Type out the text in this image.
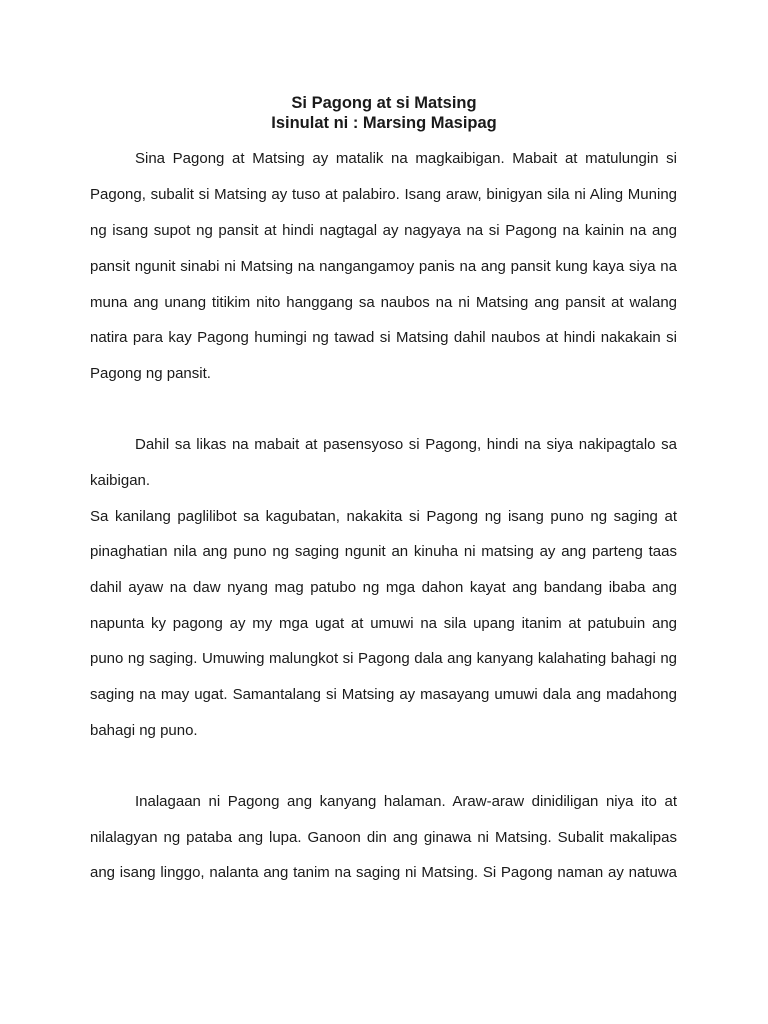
Si Pagong at si Matsing

Isinulat ni : Marsing Masipag

Sina Pagong at Matsing ay matalik na magkaibigan. Mabait at matulungin si
Pagong, subalit si Matsing ay tuso at palabiro. Isang araw, binigyan sila ni Aling Muning
ng isang supot ng pansit at hindi nagtagal ay nagyaya na si Pagong na kainin na ang
pansit ngunit sinabi ni Matsing na nangangamoy panis na ang pansit kung kaya siya na
muna ang unang titikim nito hanggang sa naubos na ni Matsing ang pansit at walang
natira para kay Pagong humingi ng tawad si Matsing dahil naubos at hindi nakakain si
Pagong ng pansit.
Dahil sa likas na mabait at pasensyoso si Pagong, hindi na siya nakipagtalo sa
kaibigan.
Sa kanilang paglilibot sa kagubatan, nakakita si Pagong ng isang puno ng saging at
pinaghatian nila ang puno ng saging ngunit an kinuha ni matsing ay ang parteng taas
dahil ayaw na daw nyang mag patubo ng mga dahon kayat ang bandang ibaba ang
napunta ky pagong ay my mga ugat at umuwi na sila upang itanim at patubuin ang
puno ng saging. Umuwing malungkot si Pagong dala ang kanyang kalahating bahagi ng
saging na may ugat. Samantalang si Matsing ay masayang umuwi dala ang madahong
bahagi ng puno.
Inalagaan ni Pagong ang kanyang halaman. Araw-araw dinidiligan niya ito at
nilalagyan ng pataba ang lupa. Ganoon din ang ginawa ni Matsing. Subalit makalipas
ang isang linggo, nalanta ang tanim na saging ni Matsing. Si Pagong naman ay natuwa
